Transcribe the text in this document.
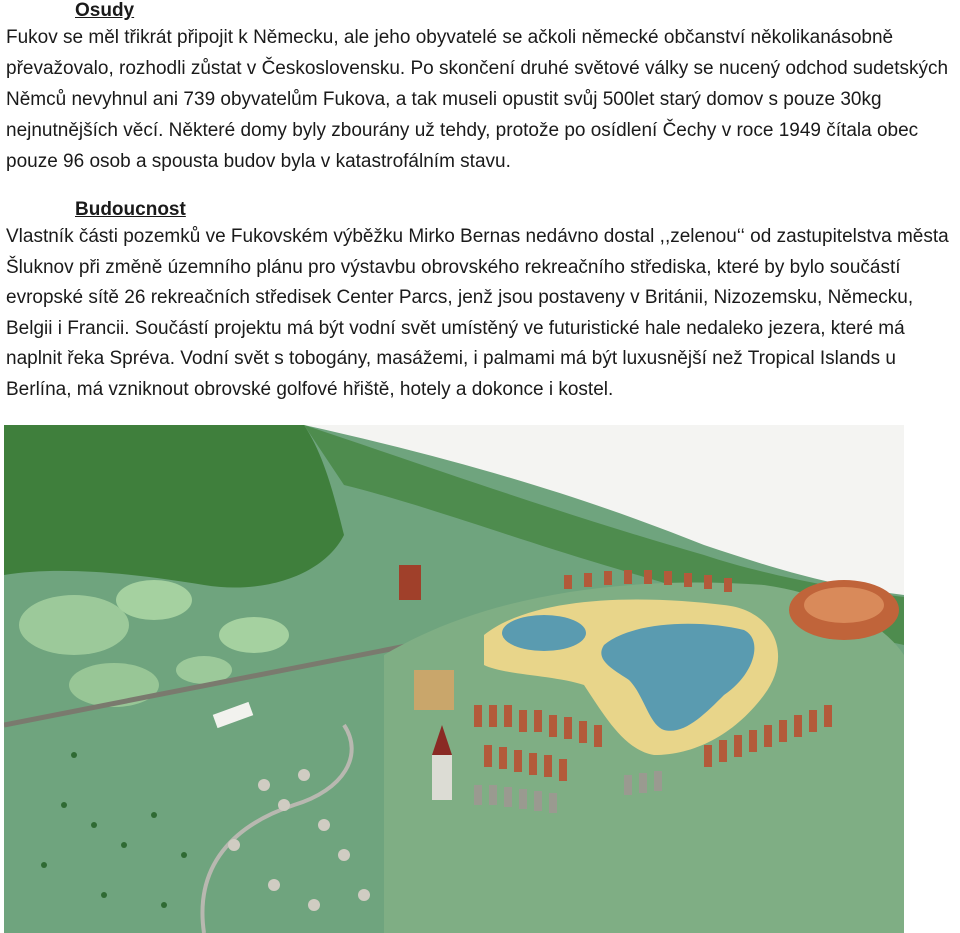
Osudy

Fukov se měl třikrát připojit k Německu, ale jeho obyvatelé se ačkoli německé občanství několikanásobně převažovalo, rozhodli zůstat v Československu. Po skončení druhé světové války se nucený odchod sudetských Němců nevyhnul ani 739 obyvatelům Fukova, a tak museli opustit svůj 500let starý domov s pouze 30kg nejnutnějších věcí. Některé domy byly zbourány už tehdy, protože po osídlení Čechy v roce 1949 čítala obec pouze 96 osob a spousta budov byla v katastrofálním stavu.

Budoucnost

Vlastník části pozemků ve Fukovském výběžku Mirko Bernas nedávno dostal ,,zelenou‘‘ od zastupitelstva města Šluknov při změně územního plánu pro výstavbu obrovského rekreačního střediska, které by bylo součástí evropské sítě 26 rekreačních středisek Center Parcs, jenž jsou postaveny v Británii, Nizozemsku, Německu, Belgii i Francii. Součástí projektu má být vodní svět umístěný ve futuristické hale nedaleko jezera, které má naplnit řeka Spréva. Vodní svět s tobogány, masážemi, i palmami má být luxusnější než Tropical Islands u Berlína, má vzniknout obrovské golfové hřiště, hotely a dokonce i kostel.
